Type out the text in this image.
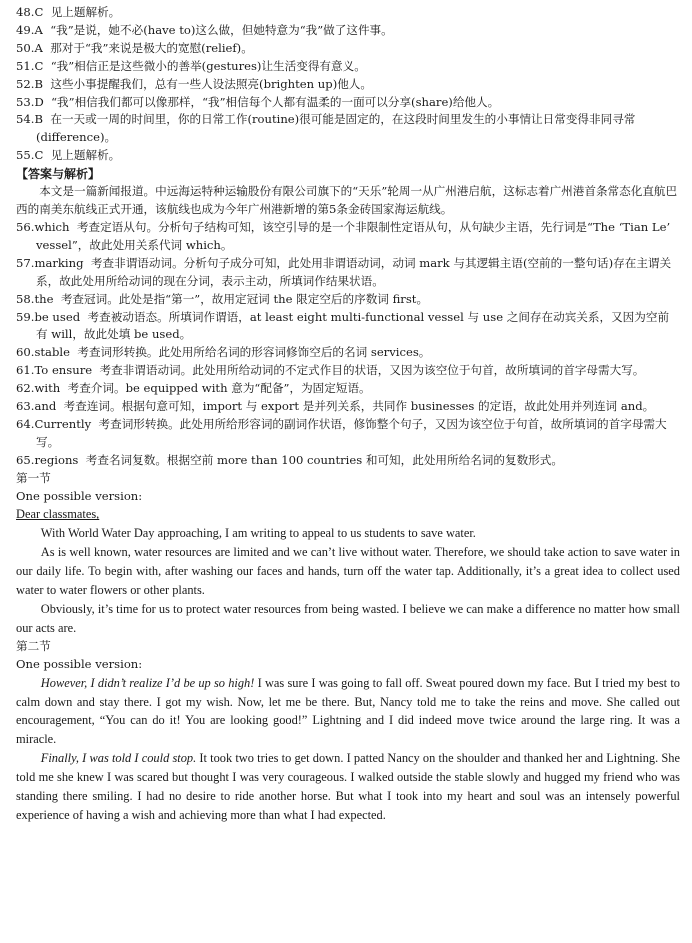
48.C 见上题解析。
49.A “我”是说，她不必(have to)这么做，但她特意为“我”做了这件事。
50.A 那对于“我”来说是极大的宽慰(relief)。
51.C “我”相信正是这些微小的善举(gestures)让生活变得有意义。
52.B 这些小事提醒我们，总有一些人设法照亮(brighten up)他人。
53.D “我”相信我们都可以像那样，“我”相信每个人都有温柔的一面可以分享(share)给他人。
54.B 在一天或一周的时间里，你的日常工作(routine)很可能是固定的，在这段时间里发生的小事情让日常变得非同寻常(difference)。
55.C 见上题解析。
【答案与解析】
本文是一篇新闻报道。中远海运特种运输股份有限公司旗下的“天乐”轮周一从广州港启航，这标志着广州港首条常态化直航巴西的南美东航线正式开通，该航线也成为今年广州港新增的第5条金砖国家海运航线。
56.which 考查定语从句。分析句子结构可知，该空引导的是一个非限制性定语从句，从句缺少主语，先行词是“The ‘Tian Le’ vessel”，故此处用关系代词 which。
57.marking 考查非谓语动词。分析句子成分可知，此处用非谓语动词，动词 mark 与其逻辑主语(空前的一整句话)存在主谓关系，故此处用所给动词的现在分词，表示主动，所填词作结果状语。
58.the 考查冠词。此处是指“第一”，故用定冠词 the 限定空后的序数词 first。
59.be used 考查被动语态。所填词作谓语，at least eight multi-functional vessel 与 use 之间存在动宾关系，又因为空前有 will，故此处填 be used。
60.stable 考查词形转换。此处用所给名词的形容词修饰空后的名词 services。
61.To ensure 考查非谓语动词。此处用所给动词的不定式作目的状语，又因为该空位于句首，故所填词的首字母需大写。
62.with 考查介词。be equipped with 意为“配备”，为固定短语。
63.and 考查连词。根据句意可知，import 与 export 是并列关系，共同作 businesses 的定语，故此处用并列连词 and。
64.Currently 考查词形转换。此处用所给形容词的副词作状语，修饰整个句子，又因为该空位于句首，故所填词的首字母需大写。
65.regions 考查名词复数。根据空前 more than 100 countries 和可知，此处用所给名词的复数形式。
第一节
One possible version:
Dear classmates,
With World Water Day approaching, I am writing to appeal to us students to save water.
As is well known, water resources are limited and we can’t live without water. Therefore, we should take action to save water in our daily life. To begin with, after washing our faces and hands, turn off the water tap. Additionally, it’s a great idea to collect used water to water flowers or other plants.
Obviously, it’s time for us to protect water resources from being wasted. I believe we can make a difference no matter how small our acts are.
第二节
One possible version:
However, I didn’t realize I’d be up so high! I was sure I was going to fall off. Sweat poured down my face. But I tried my best to calm down and stay there. I got my wish. Now, let me be there. But, Nancy told me to take the reins and move. She called out encouragement, “You can do it! You are looking good!” Lightning and I did indeed move twice around the large ring. It was a miracle.
Finally, I was told I could stop. It took two tries to get down. I patted Nancy on the shoulder and thanked her and Lightning. She told me she knew I was scared but thought I was very courageous. I walked outside the stable slowly and hugged my friend who was standing there smiling. I had no desire to ride another horse. But what I took into my heart and soul was an intensely powerful experience of having a wish and achieving more than what I had expected.
